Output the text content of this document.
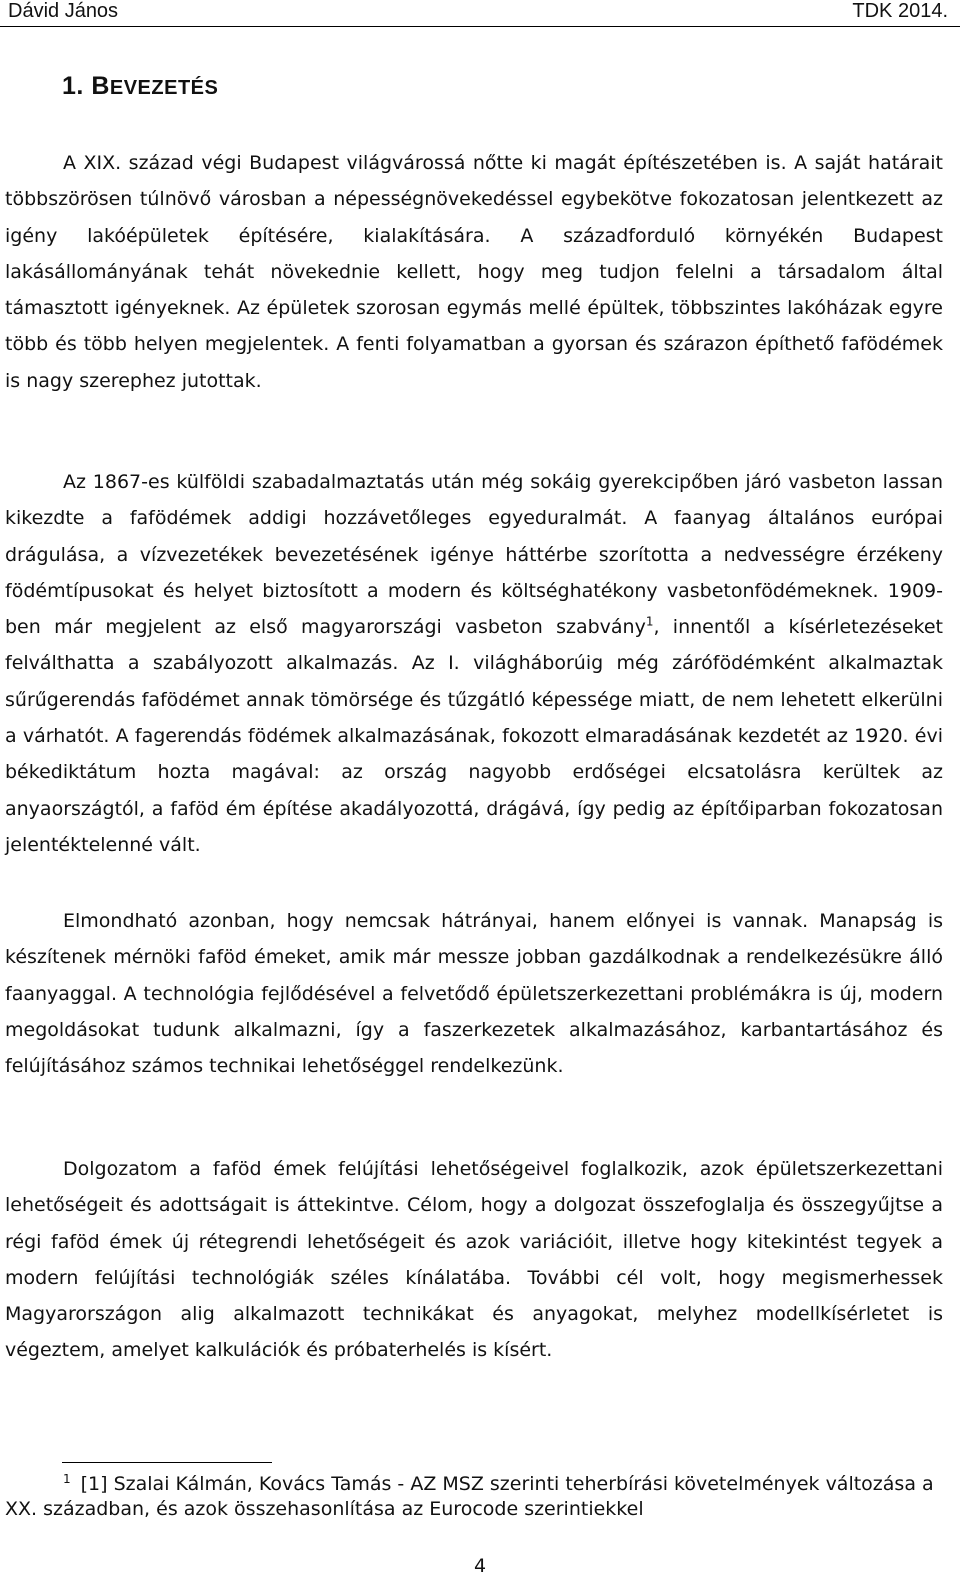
Dávid János	TDK 2014.
1. BEVEZETÉS

A XIX. század végi Budapest világvárossá nőtte ki magát építészetében is. A saját határait többszörösen túlnövő városban a népességnövekedéssel egybekötve fokozatosan jelentkezett az igény lakóépületek építésére, kialakítására. A századforduló környékén Budapest lakásállományának tehát növekednie kellett, hogy meg tudjon felelni a társadalom által támasztott igényeknek. Az épületek szorosan egymás mellé épültek, többszintes lakóházak egyre több és több helyen megjelentek. A fenti folyamatban a gyorsan és szárazon építhető fafödémek is nagy szerephez jutottak.

Az 1867-es külföldi szabadalmaztatás után még sokáig gyerekcipőben járó vasbeton lassan kikezdte a fafödémek addigi hozzávetőleges egyeduralmát. A faanyag általános európai drágulása, a vízvezetékek bevezetésének igénye háttérbe szorította a nedvességre érzékeny födémtípusokat és helyet biztosított a modern és költséghatékony vasbetonfödémeknek. 1909-ben már megjelent az első magyarországi vasbeton szabvány$^1$, innentől a kísérletezéseket felválthatta a szabályozott alkalmazás. Az I. világháborúig még zárófödémként alkalmaztak sűrűgerendás fafödémet annak tömörsége és tűzgátló képessége miatt, de nem lehetett elkerülni a várhatót. A fagerendás födémek alkalmazásának, fokozott elmaradásának kezdetét az 1920. évi békediktátum hozta magával: az ország nagyobb erdőségei elcsatolásra kerültek az anyaországtól, a faföd ém építése akadályozottá, drágává, így pedig az építőiparban fokozatosan jelentéktelenné vált.

Elmondható azonban, hogy nemcsak hátrányai, hanem előnyei is vannak. Manapság is készítenek mérnöki faföd émeket, amik már messze jobban gazdálkodnak a rendelkezésükre álló faanyaggal. A technológia fejlődésével a felvetődő épületszerkezettani problémákra is új, modern megoldásokat tudunk alkalmazni, így a faszerkezetek alkalmazásához, karbantartásához és felújításához számos technikai lehetőséggel rendelkezünk.

Dolgozatom a faföd émek felújítási lehetőségeivel foglalkozik, azok épületszerkezettani lehetőségeit és adottságait is áttekintve. Célom, hogy a dolgozat összefoglalja és összegyűjtse a régi faföd émek új rétegrendi lehetőségeit és azok variációit, illetve hogy kitekintést tegyek a modern felújítási technológiák széles kínálatába. További cél volt, hogy megismerhessek Magyarországon alig alkalmazott technikákat és anyagokat, melyhez modellkísérletet is végeztem, amelyet kalkulációk és próbaterhelés is kísért.

$^1$ [1] Szalai Kálmán, Kovács Tamás - AZ MSZ szerinti teherbírási követelmények változása a XX. században, és azok összehasonlítása az Eurocode szerintiekkel
4
